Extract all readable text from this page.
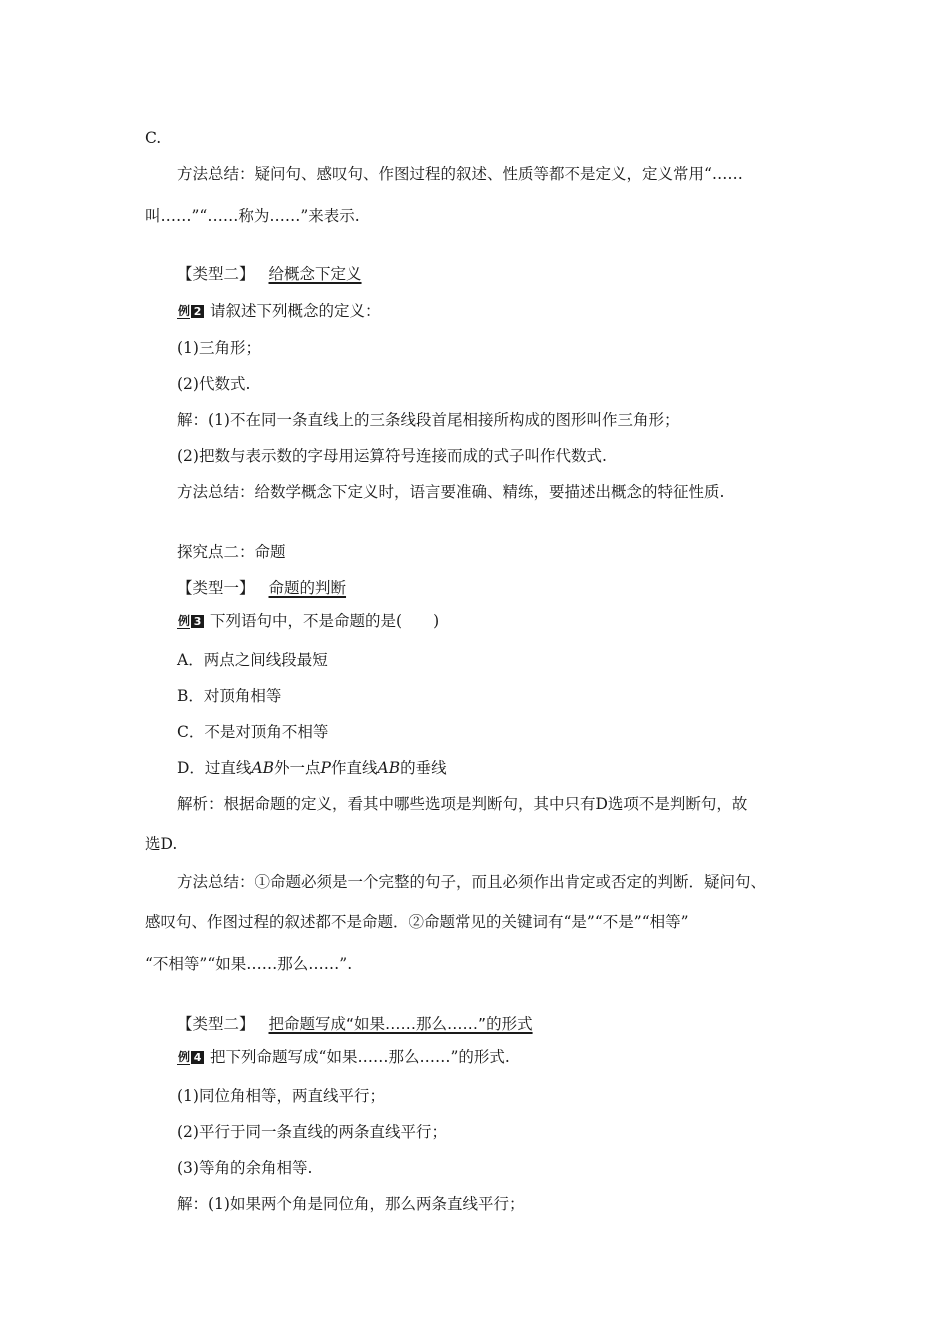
C.
方法总结：疑问句、感叹句、作图过程的叙述、性质等都不是定义，定义常用“……
叫……”“……称为……”来表示.
【类型二】 给概念下定义
例 2 请叙述下列概念的定义：
(1)三角形；
(2)代数式.
解：(1)不在同一条直线上的三条线段首尾相接所构成的图形叫作三角形；
(2)把数与表示数的字母用运算符号连接而成的式子叫作代数式.
方法总结：给数学概念下定义时，语言要准确、精练，要描述出概念的特征性质.
探究点二：命题
【类型一】 命题的判断
例 3 下列语句中，不是命题的是(　　)
A．两点之间线段最短
B．对顶角相等
C．不是对顶角不相等
D．过直线AB外一点P作直线AB的垂线
解析：根据命题的定义，看其中哪些选项是判断句，其中只有D选项不是判断句，故
选D.
方法总结：①命题必须是一个完整的句子，而且必须作出肯定或否定的判断．疑问句、
感叹句、作图过程的叙述都不是命题．②命题常见的关键词有“是”“不是”“相等”
“不相等”“如果……那么……”.
【类型二】 把命题写成“如果……那么……”的形式
例 4 把下列命题写成“如果……那么……”的形式.
(1)同位角相等，两直线平行；
(2)平行于同一条直线的两条直线平行；
(3)等角的余角相等.
解：(1)如果两个角是同位角，那么两条直线平行；
